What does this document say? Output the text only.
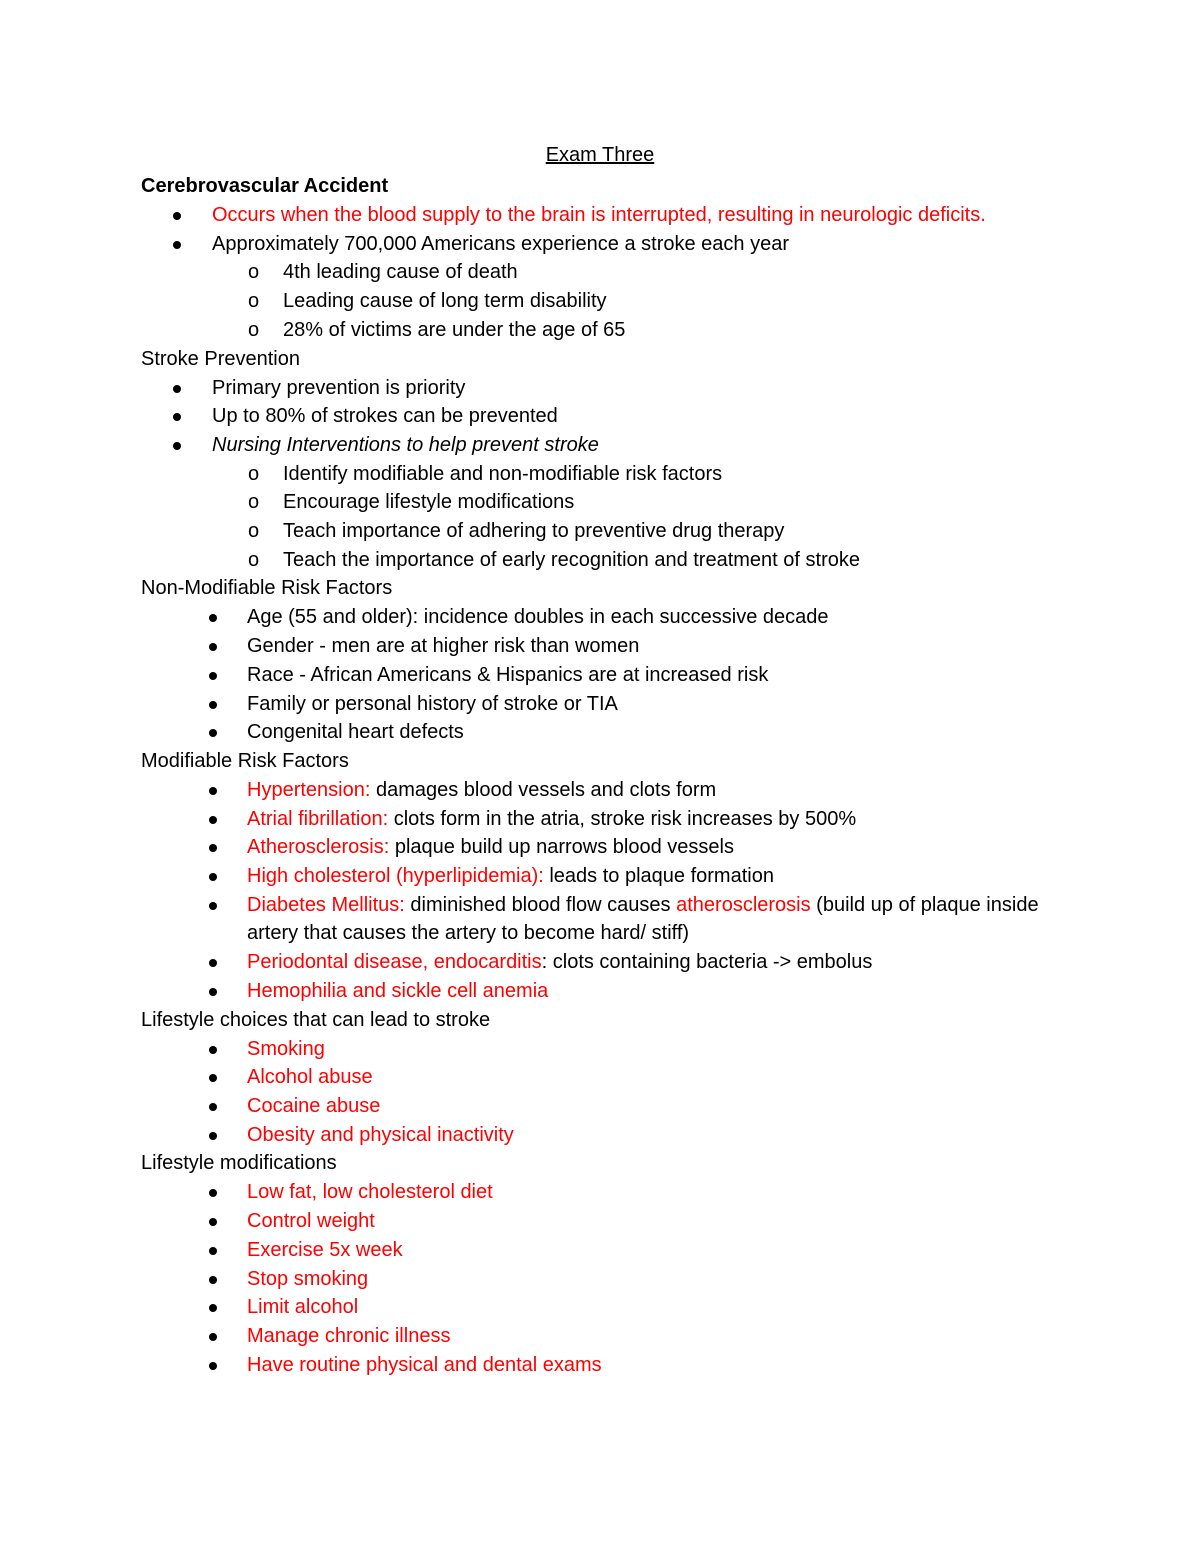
Exam Three
Cerebrovascular Accident
Occurs when the blood supply to the brain is interrupted, resulting in neurologic deficits.
Approximately 700,000 Americans experience a stroke each year
o 4th leading cause of death
o Leading cause of long term disability
o 28% of victims are under the age of 65
Stroke Prevention
Primary prevention is priority
Up to 80% of strokes can be prevented
Nursing Interventions to help prevent stroke
o Identify modifiable and non-modifiable risk factors
o Encourage lifestyle modifications
o Teach importance of adhering to preventive drug therapy
o Teach the importance of early recognition and treatment of stroke
Non-Modifiable Risk Factors
Age (55 and older): incidence doubles in each successive decade
Gender - men are at higher risk than women
Race - African Americans & Hispanics are at increased risk
Family or personal history of stroke or TIA
Congenital heart defects
Modifiable Risk Factors
Hypertension: damages blood vessels and clots form
Atrial fibrillation: clots form in the atria, stroke risk increases by 500%
Atherosclerosis: plaque build up narrows blood vessels
High cholesterol (hyperlipidemia): leads to plaque formation
Diabetes Mellitus: diminished blood flow causes atherosclerosis (build up of plaque inside artery that causes the artery to become hard/ stiff)
Periodontal disease, endocarditis: clots containing bacteria -> embolus
Hemophilia and sickle cell anemia
Lifestyle choices that can lead to stroke
Smoking
Alcohol abuse
Cocaine abuse
Obesity and physical inactivity
Lifestyle modifications
Low fat, low cholesterol diet
Control weight
Exercise 5x week
Stop smoking
Limit alcohol
Manage chronic illness
Have routine physical and dental exams
